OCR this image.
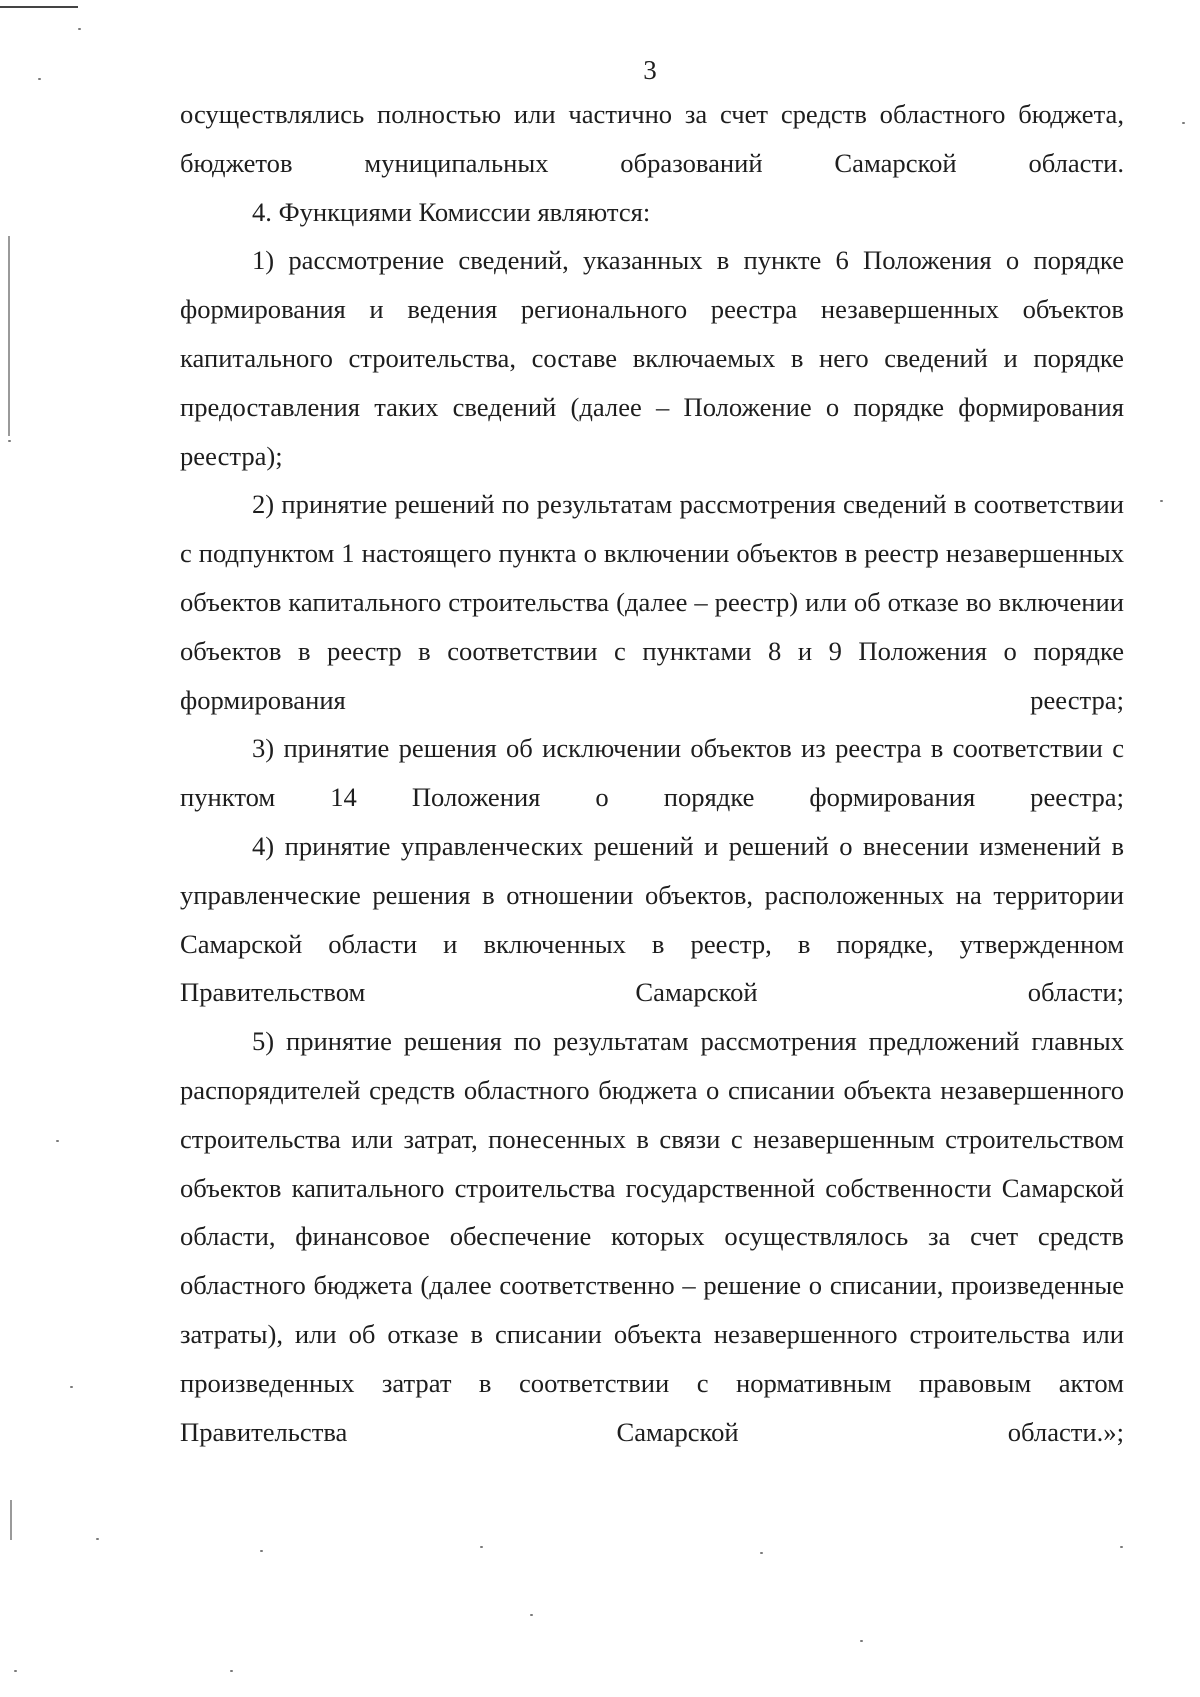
3

осуществлялись полностью или частично за счет средств областного бюджета, бюджетов муниципальных образований Самарской области.

4. Функциями Комиссии являются:

1) рассмотрение сведений, указанных в пункте 6 Положения о порядке формирования и ведения регионального реестра незавершенных объектов капитального строительства, составе включаемых в него сведений и порядке предоставления таких сведений (далее – Положение о порядке формирования реестра);

2) принятие решений по результатам рассмотрения сведений в соответствии с подпунктом 1 настоящего пункта о включении объектов в реестр незавершенных объектов капитального строительства (далее – реестр) или об отказе во включении объектов в реестр в соответствии с пунктами 8 и 9 Положения о порядке формирования реестра;

3) принятие решения об исключении объектов из реестра в соответствии с пунктом 14 Положения о порядке формирования реестра;

4) принятие управленческих решений и решений о внесении изменений в управленческие решения в отношении объектов, расположенных на территории Самарской области и включенных в реестр, в порядке, утвержденном Правительством Самарской области;

5) принятие решения по результатам рассмотрения предложений главных распорядителей средств областного бюджета о списании объекта незавершенного строительства или затрат, понесенных в связи с незавершенным строительством объектов капитального строительства государственной собственности Самарской области, финансовое обеспечение которых осуществлялось за счет средств областного бюджета (далее соответственно – решение о списании, произведенные затраты), или об отказе в списании объекта незавершенного строительства или произведенных затрат в соответствии с нормативным правовым актом Правительства Самарской области.»;
